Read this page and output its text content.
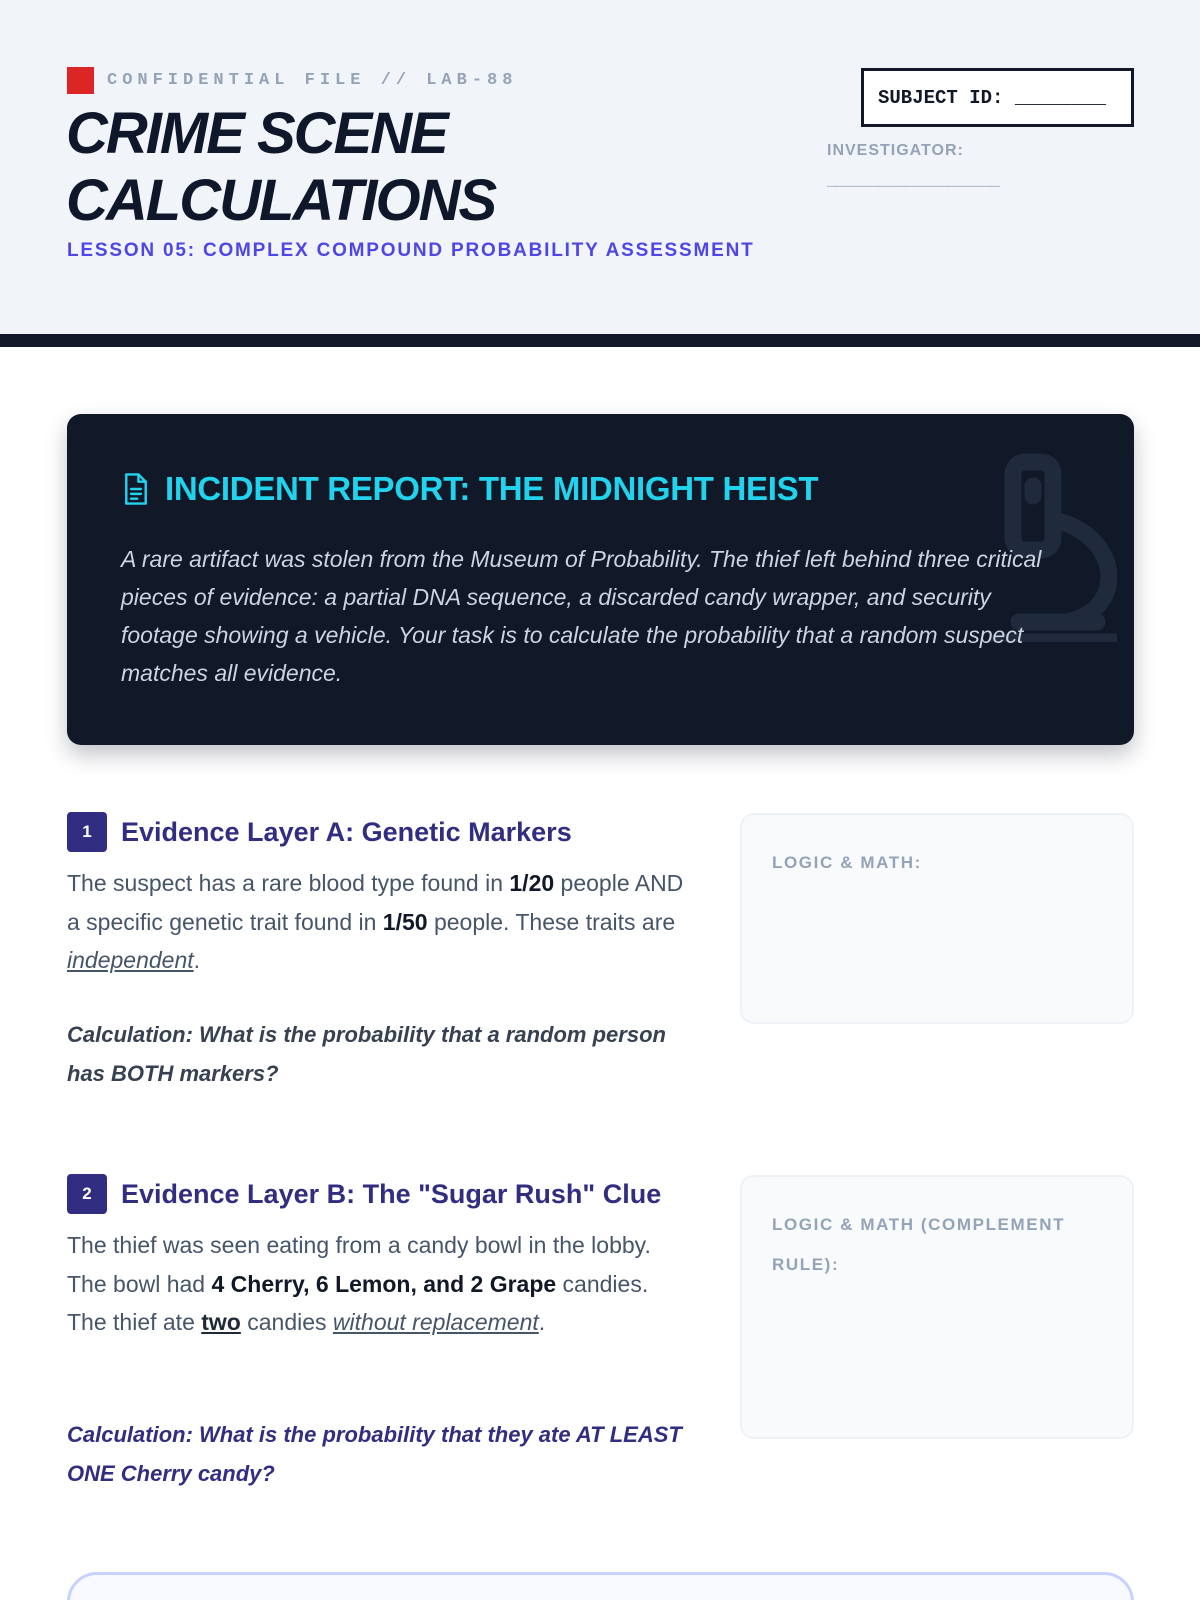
CONFIDENTIAL FILE // LAB-88
CRIME SCENE CALCULATIONS
LESSON 05: COMPLEX COMPOUND PROBABILITY ASSESSMENT
SUBJECT ID: ________
INVESTIGATOR:
____________________
INCIDENT REPORT: THE MIDNIGHT HEIST
A rare artifact was stolen from the Museum of Probability. The thief left behind three critical pieces of evidence: a partial DNA sequence, a discarded candy wrapper, and security footage showing a vehicle. Your task is to calculate the probability that a random suspect matches all evidence.
1	Evidence Layer A: Genetic Markers

The suspect has a rare blood type found in 1/20 people AND a specific genetic trait found in 1/50 people. These traits are independent.

Calculation: What is the probability that a random person has BOTH markers?

LOGIC & MATH:
2	Evidence Layer B: The "Sugar Rush" Clue

The thief was seen eating from a candy bowl in the lobby. The bowl had 4 Cherry, 6 Lemon, and 2 Grape candies. The thief ate two candies without replacement.

Calculation: What is the probability that they ate AT LEAST ONE Cherry candy?

LOGIC & MATH (COMPLEMENT RULE):
